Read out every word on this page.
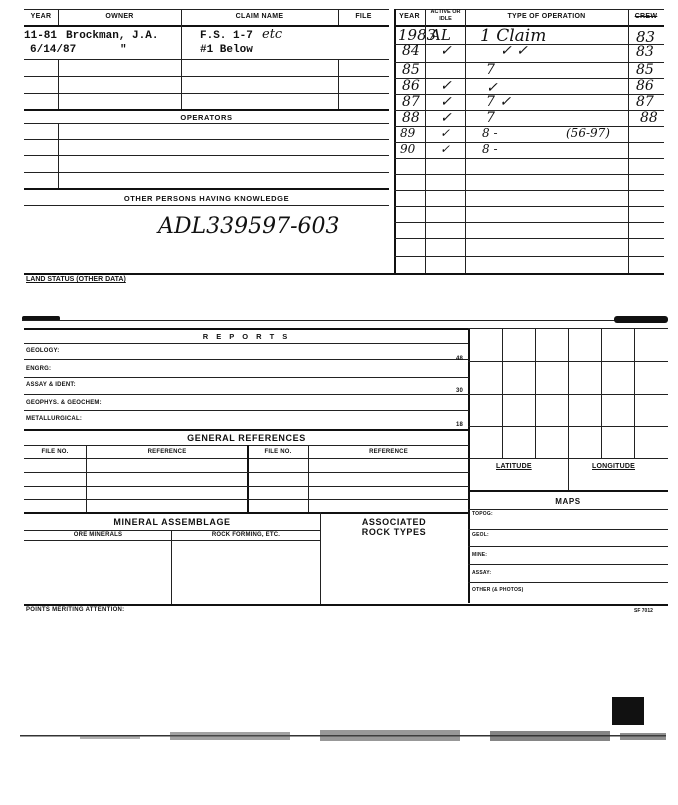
YEAR	OWNER	CLAIM NAME	FILE
11-81 Brockman, J.A.	F.S. 1-7 etc
6/14/87	"	#1 Below
OPERATORS
OTHER PERSONS HAVING KNOWLEDGE
ADL339597-603
YEAR
ACTIVE OR IDLE	TYPE OF OPERATION	CREW
1983
AL 1 Claim	83
84 ✓	✓ ✓	83
85	7	85
86 ✓ ✓	86
87 ✓ 7 ✓	87
88 ✓ 7	88
89 ✓	8 -	(56-97)
90 ✓	8 -
LAND STATUS (OTHER DATA)
R E P O R T S
GEOLOGY:
ENGRG:
48
ASSAY & IDENT:
30
GEOPHYS. & GEOCHEM:
METALLURGICAL:
18
GENERAL REFERENCES
FILE NO.	REFERENCE	FILE NO.	REFERENCE
MINERAL ASSEMBLAGE	ASSOCIATED
ROCK TYPES
ORE MINERALS	ROCK FORMING, ETC.
LATITUDE	LONGITUDE
MAPS
TOPOG:
GEOL:
MINE:
ASSAY:
OTHER (& PHOTOS)
POINTS MERITING ATTENTION:	SF 7012
